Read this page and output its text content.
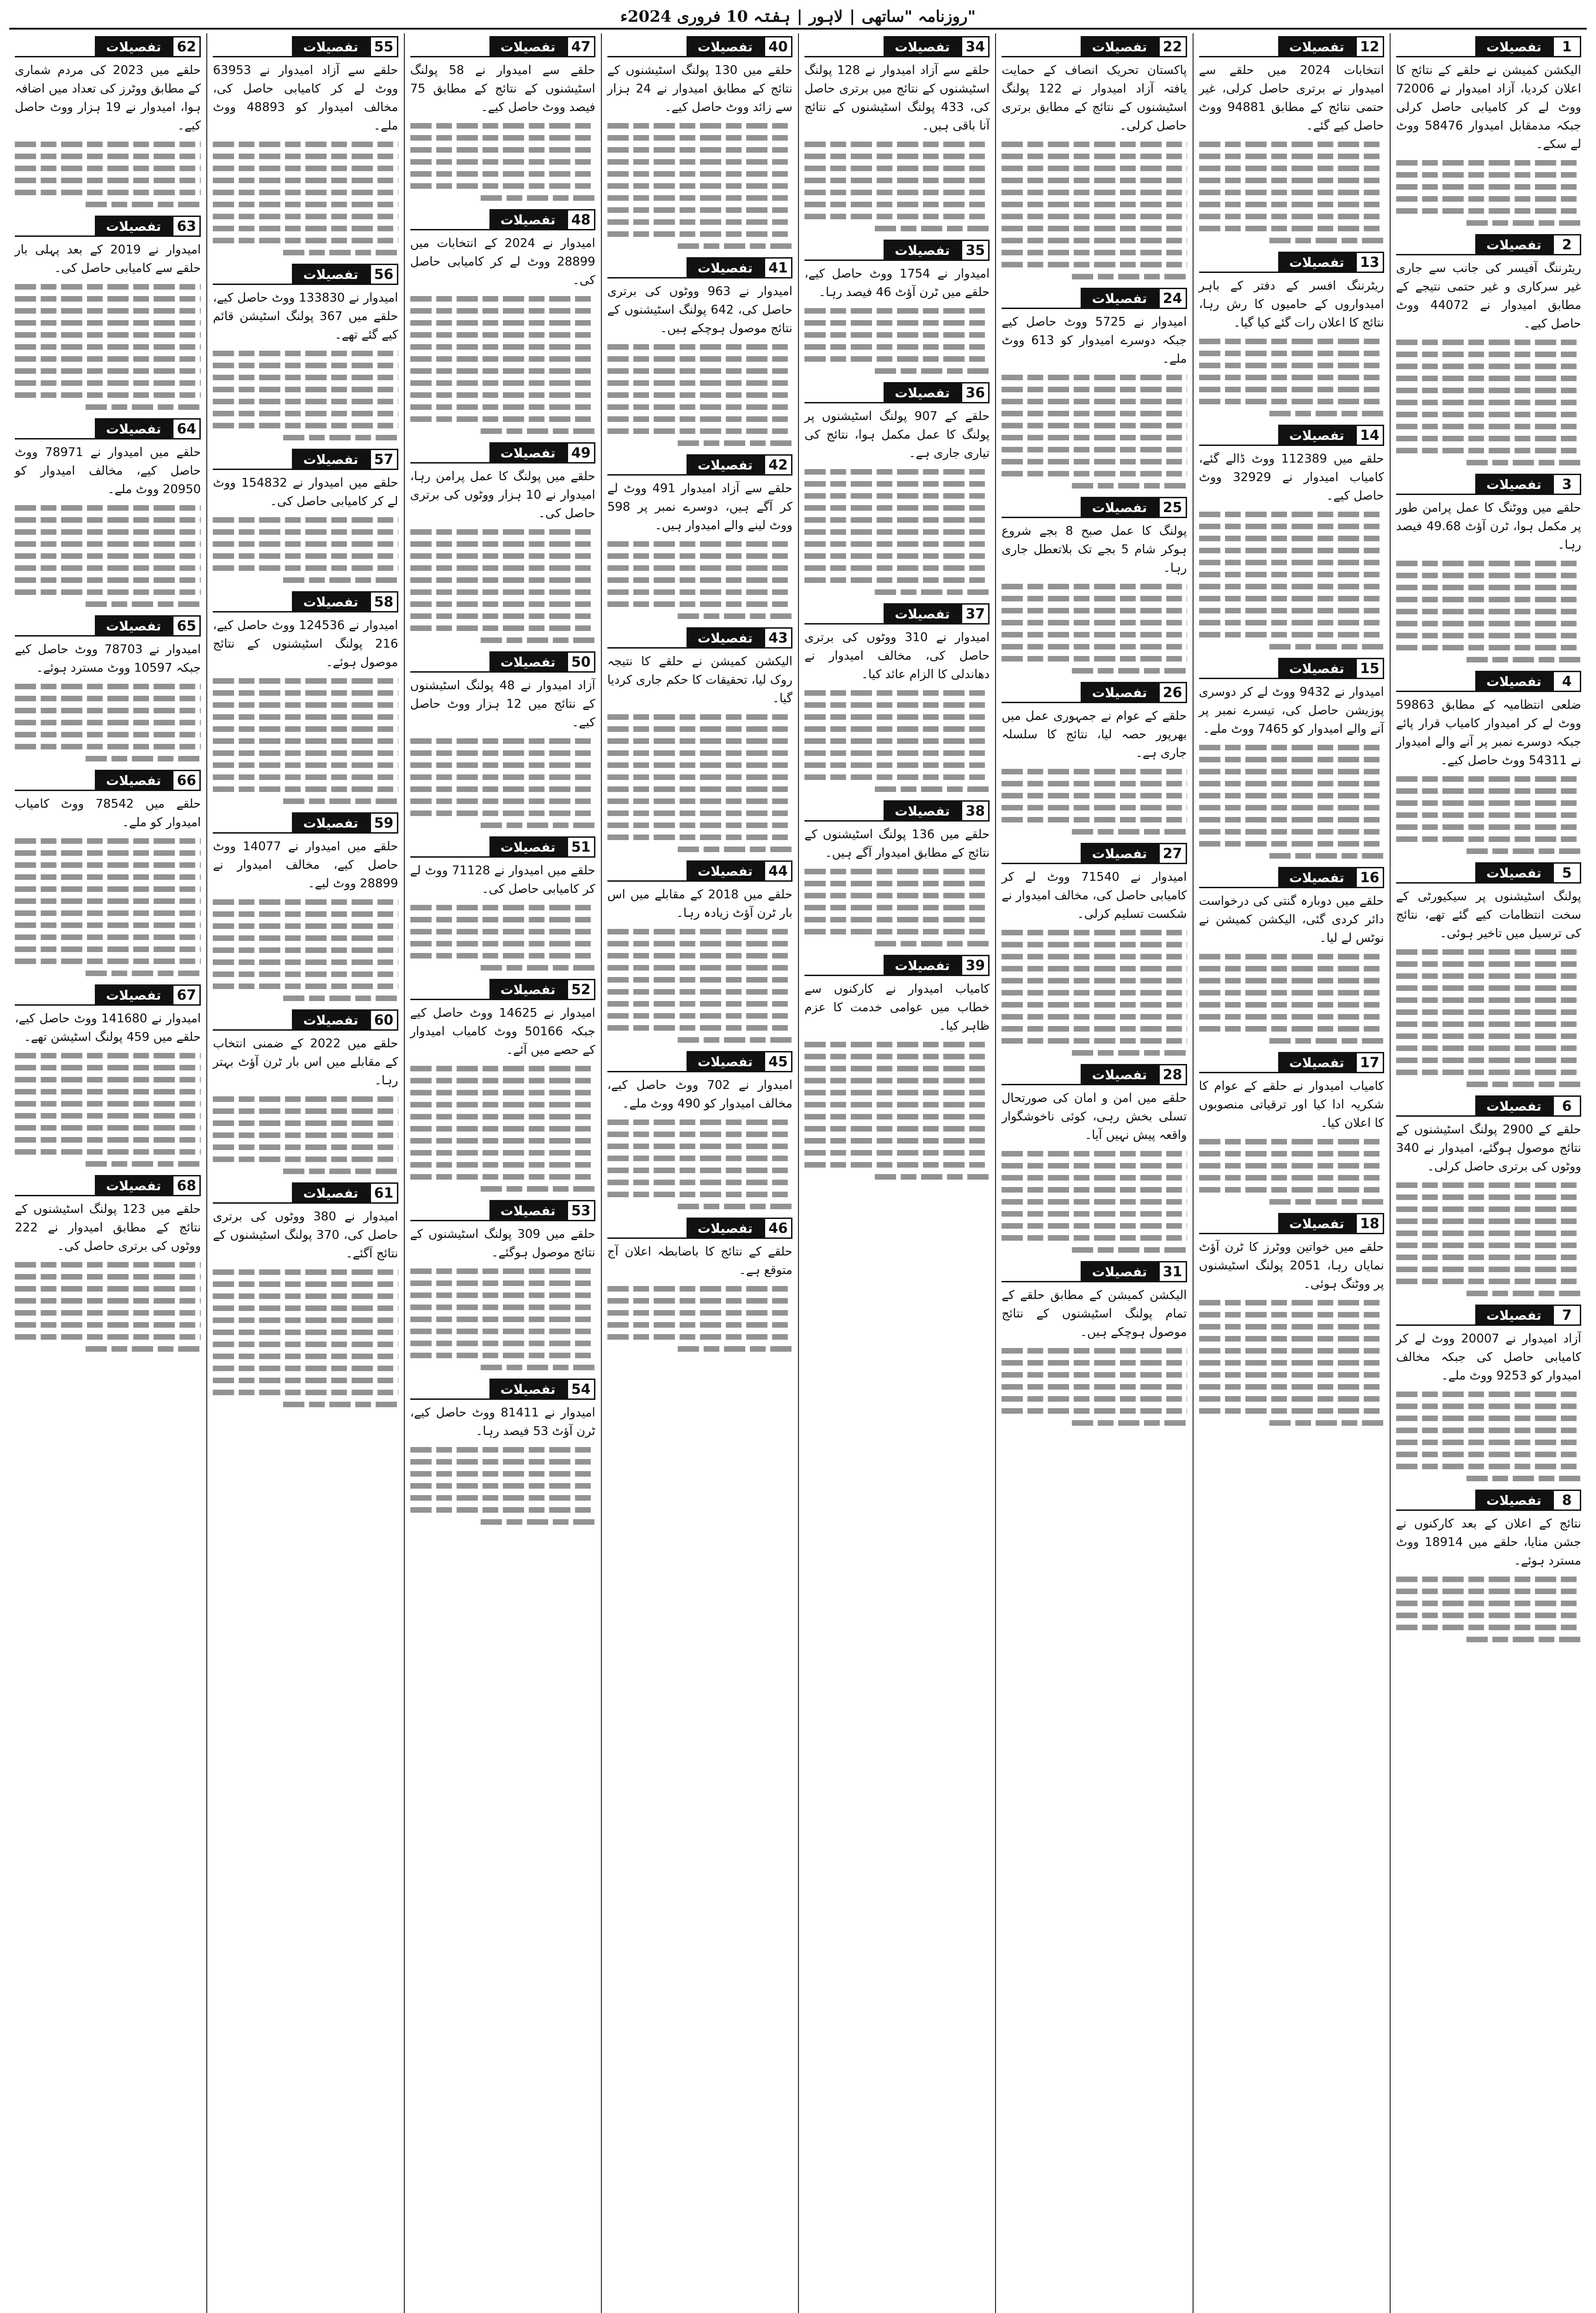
ہفتہ 10 فروری 2024ء | لاہور | روزنامہ "ساتھی"
1
تفصیلات
الیکشن کمیشن نے حلقے کے نتائج کا اعلان کردیا، آزاد امیدوار نے 72006 ووٹ لے کر کامیابی حاصل کرلی جبکہ مدمقابل امیدوار 58476 ووٹ لے سکے۔
2
تفصیلات
ریٹرننگ آفیسر کی جانب سے جاری غیر سرکاری و غیر حتمی نتیجے کے مطابق امیدوار نے 44072 ووٹ حاصل کیے۔
3
تفصیلات
حلقے میں ووٹنگ کا عمل پرامن طور پر مکمل ہوا، ٹرن آؤٹ 49.68 فیصد رہا۔
4
تفصیلات
ضلعی انتظامیہ کے مطابق 59863 ووٹ لے کر امیدوار کامیاب قرار پائے جبکہ دوسرے نمبر پر آنے والے امیدوار نے 54311 ووٹ حاصل کیے۔
5
تفصیلات
پولنگ اسٹیشنوں پر سیکیورٹی کے سخت انتظامات کیے گئے تھے، نتائج کی ترسیل میں تاخیر ہوئی۔
6
تفصیلات
حلقے کے 2900 پولنگ اسٹیشنوں کے نتائج موصول ہوگئے، امیدوار نے 340 ووٹوں کی برتری حاصل کرلی۔
7
تفصیلات
آزاد امیدوار نے 20007 ووٹ لے کر کامیابی حاصل کی جبکہ مخالف امیدوار کو 9253 ووٹ ملے۔
8
تفصیلات
نتائج کے اعلان کے بعد کارکنوں نے جشن منایا، حلقے میں 18914 ووٹ مسترد ہوئے۔
12
تفصیلات
انتخابات 2024 میں حلقے سے امیدوار نے برتری حاصل کرلی، غیر حتمی نتائج کے مطابق 94881 ووٹ حاصل کیے گئے۔
13
تفصیلات
ریٹرننگ افسر کے دفتر کے باہر امیدواروں کے حامیوں کا رش رہا، نتائج کا اعلان رات گئے کیا گیا۔
14
تفصیلات
حلقے میں 112389 ووٹ ڈالے گئے، کامیاب امیدوار نے 32929 ووٹ حاصل کیے۔
15
تفصیلات
امیدوار نے 9432 ووٹ لے کر دوسری پوزیشن حاصل کی، تیسرے نمبر پر آنے والے امیدوار کو 7465 ووٹ ملے۔
16
تفصیلات
حلقے میں دوبارہ گنتی کی درخواست دائر کردی گئی، الیکشن کمیشن نے نوٹس لے لیا۔
17
تفصیلات
کامیاب امیدوار نے حلقے کے عوام کا شکریہ ادا کیا اور ترقیاتی منصوبوں کا اعلان کیا۔
18
تفصیلات
حلقے میں خواتین ووٹرز کا ٹرن آؤٹ نمایاں رہا، 2051 پولنگ اسٹیشنوں پر ووٹنگ ہوئی۔
22
تفصیلات
پاکستان تحریک انصاف کے حمایت یافتہ آزاد امیدوار نے 122 پولنگ اسٹیشنوں کے نتائج کے مطابق برتری حاصل کرلی۔
24
تفصیلات
امیدوار نے 5725 ووٹ حاصل کیے جبکہ دوسرے امیدوار کو 613 ووٹ ملے۔
25
تفصیلات
پولنگ کا عمل صبح 8 بجے شروع ہوکر شام 5 بجے تک بلاتعطل جاری رہا۔
26
تفصیلات
حلقے کے عوام نے جمہوری عمل میں بھرپور حصہ لیا، نتائج کا سلسلہ جاری ہے۔
27
تفصیلات
امیدوار نے 71540 ووٹ لے کر کامیابی حاصل کی، مخالف امیدوار نے شکست تسلیم کرلی۔
28
تفصیلات
حلقے میں امن و امان کی صورتحال تسلی بخش رہی، کوئی ناخوشگوار واقعہ پیش نہیں آیا۔
31
تفصیلات
الیکشن کمیشن کے مطابق حلقے کے تمام پولنگ اسٹیشنوں کے نتائج موصول ہوچکے ہیں۔
34
تفصیلات
حلقے سے آزاد امیدوار نے 128 پولنگ اسٹیشنوں کے نتائج میں برتری حاصل کی، 433 پولنگ اسٹیشنوں کے نتائج آنا باقی ہیں۔
35
تفصیلات
امیدوار نے 1754 ووٹ حاصل کیے، حلقے میں ٹرن آؤٹ 46 فیصد رہا۔
36
تفصیلات
حلقے کے 907 پولنگ اسٹیشنوں پر پولنگ کا عمل مکمل ہوا، نتائج کی تیاری جاری ہے۔
37
تفصیلات
امیدوار نے 310 ووٹوں کی برتری حاصل کی، مخالف امیدوار نے دھاندلی کا الزام عائد کیا۔
38
تفصیلات
حلقے میں 136 پولنگ اسٹیشنوں کے نتائج کے مطابق امیدوار آگے ہیں۔
39
تفصیلات
کامیاب امیدوار نے کارکنوں سے خطاب میں عوامی خدمت کا عزم ظاہر کیا۔
40
تفصیلات
حلقے میں 130 پولنگ اسٹیشنوں کے نتائج کے مطابق امیدوار نے 24 ہزار سے زائد ووٹ حاصل کیے۔
41
تفصیلات
امیدوار نے 963 ووٹوں کی برتری حاصل کی، 642 پولنگ اسٹیشنوں کے نتائج موصول ہوچکے ہیں۔
42
تفصیلات
حلقے سے آزاد امیدوار 491 ووٹ لے کر آگے ہیں، دوسرے نمبر پر 598 ووٹ لینے والے امیدوار ہیں۔
43
تفصیلات
الیکشن کمیشن نے حلقے کا نتیجہ روک لیا، تحقیقات کا حکم جاری کردیا گیا۔
44
تفصیلات
حلقے میں 2018 کے مقابلے میں اس بار ٹرن آؤٹ زیادہ رہا۔
45
تفصیلات
امیدوار نے 702 ووٹ حاصل کیے، مخالف امیدوار کو 490 ووٹ ملے۔
46
تفصیلات
حلقے کے نتائج کا باضابطہ اعلان آج متوقع ہے۔
47
تفصیلات
حلقے سے امیدوار نے 58 پولنگ اسٹیشنوں کے نتائج کے مطابق 75 فیصد ووٹ حاصل کیے۔
48
تفصیلات
امیدوار نے 2024 کے انتخابات میں 28899 ووٹ لے کر کامیابی حاصل کی۔
49
تفصیلات
حلقے میں پولنگ کا عمل پرامن رہا، امیدوار نے 10 ہزار ووٹوں کی برتری حاصل کی۔
50
تفصیلات
آزاد امیدوار نے 48 پولنگ اسٹیشنوں کے نتائج میں 12 ہزار ووٹ حاصل کیے۔
51
تفصیلات
حلقے میں امیدوار نے 71128 ووٹ لے کر کامیابی حاصل کی۔
52
تفصیلات
امیدوار نے 14625 ووٹ حاصل کیے جبکہ 50166 ووٹ کامیاب امیدوار کے حصے میں آئے۔
53
تفصیلات
حلقے میں 309 پولنگ اسٹیشنوں کے نتائج موصول ہوگئے۔
54
تفصیلات
امیدوار نے 81411 ووٹ حاصل کیے، ٹرن آؤٹ 53 فیصد رہا۔
55
تفصیلات
حلقے سے آزاد امیدوار نے 63953 ووٹ لے کر کامیابی حاصل کی، مخالف امیدوار کو 48893 ووٹ ملے۔
56
تفصیلات
امیدوار نے 133830 ووٹ حاصل کیے، حلقے میں 367 پولنگ اسٹیشن قائم کیے گئے تھے۔
57
تفصیلات
حلقے میں امیدوار نے 154832 ووٹ لے کر کامیابی حاصل کی۔
58
تفصیلات
امیدوار نے 124536 ووٹ حاصل کیے، 216 پولنگ اسٹیشنوں کے نتائج موصول ہوئے۔
59
تفصیلات
حلقے میں امیدوار نے 14077 ووٹ حاصل کیے، مخالف امیدوار نے 28899 ووٹ لیے۔
60
تفصیلات
حلقے میں 2022 کے ضمنی انتخاب کے مقابلے میں اس بار ٹرن آؤٹ بہتر رہا۔
61
تفصیلات
امیدوار نے 380 ووٹوں کی برتری حاصل کی، 370 پولنگ اسٹیشنوں کے نتائج آگئے۔
62
تفصیلات
حلقے میں 2023 کی مردم شماری کے مطابق ووٹرز کی تعداد میں اضافہ ہوا، امیدوار نے 19 ہزار ووٹ حاصل کیے۔
63
تفصیلات
امیدوار نے 2019 کے بعد پہلی بار حلقے سے کامیابی حاصل کی۔
64
تفصیلات
حلقے میں امیدوار نے 78971 ووٹ حاصل کیے، مخالف امیدوار کو 20950 ووٹ ملے۔
65
تفصیلات
امیدوار نے 78703 ووٹ حاصل کیے جبکہ 10597 ووٹ مسترد ہوئے۔
66
تفصیلات
حلقے میں 78542 ووٹ کامیاب امیدوار کو ملے۔
67
تفصیلات
امیدوار نے 141680 ووٹ حاصل کیے، حلقے میں 459 پولنگ اسٹیشن تھے۔
68
تفصیلات
حلقے میں 123 پولنگ اسٹیشنوں کے نتائج کے مطابق امیدوار نے 222 ووٹوں کی برتری حاصل کی۔
